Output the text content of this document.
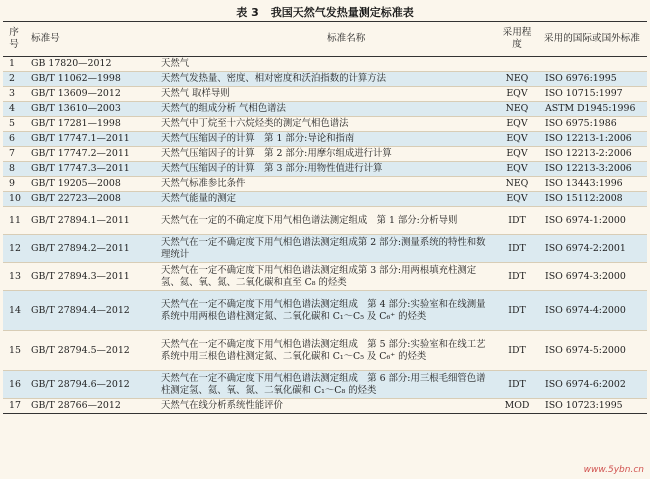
表 3 我国天然气发热量测定标准表
序号	标准号	标准名称	采用程度	采用的国际或国外标准
1	GB 17820—2012	天然气		
2	GB/T 11062—1998	天然气发热量、密度、相对密度和沃泊指数的计算方法	NEQ	ISO 6976:1995
3	GB/T 13609—2012	天然气 取样导则	EQV	ISO 10715:1997
4	GB/T 13610—2003	天然气的组成分析 气相色谱法	NEQ	ASTM D1945:1996
5	GB/T 17281—1998	天然气中丁烷至十六烷烃类的测定气相色谱法	EQV	ISO 6975:1986
6	GB/T 17747.1—2011	天然气压缩因子的计算　第 1 部分:导论和指南	EQV	ISO 12213-1:2006
7	GB/T 17747.2—2011	天然气压缩因子的计算　第 2 部分:用摩尔组成进行计算	EQV	ISO 12213-2:2006
8	GB/T 17747.3—2011	天然气压缩因子的计算　第 3 部分:用物性值进行计算	EQV	ISO 12213-3:2006
9	GB/T 19205—2008	天然气标准参比条件	NEQ	ISO 13443:1996
10	GB/T 22723—2008	天然气能量的测定	EQV	ISO 15112:2008
11	GB/T 27894.1—2011	天然气在一定的不确定度下用气相色谱法测定组成　第 1 部分:分析导则	IDT	ISO 6974-1:2000
12	GB/T 27894.2—2011	天然气在一定不确定度下用气相色谱法测定组成第 2 部分:测量系统的特性和数理统计	IDT	ISO 6974-2:2001
13	GB/T 27894.3—2011	天然气在一定不确定度下用气相色谱法测定组成第 3 部分:用两根填充柱测定氢、氦、氧、氮、二氧化碳和直至 C₈ 的烃类	IDT	ISO 6974-3:2000
14	GB/T 27894.4—2012	天然气在一定不确定度下用气相色谱法测定组成　第 4 部分:实验室和在线测量系统中用两根色谱柱测定氮、二氧化碳和 C₁～C₅ 及 C₆⁺ 的烃类	IDT	ISO 6974-4:2000
15	GB/T 28794.5—2012	天然气在一定不确定度下用气相色谱法测定组成　第 5 部分:实验室和在线工艺系统中用三根色谱柱测定氮、二氧化碳和 C₁～C₅ 及 C₆⁺ 的烃类	IDT	ISO 6974-5:2000
16	GB/T 28794.6—2012	天然气在一定不确定度下用气相色谱法测定组成　第 6 部分:用三根毛细管色谱柱测定氢、氦、氧、氮、二氧化碳和 C₁～C₈ 的烃类	IDT	ISO 6974-6:2002
17	GB/T 28766—2012	天然气在线分析系统性能评价	MOD	ISO 10723:1995
www.5ybn.cn
